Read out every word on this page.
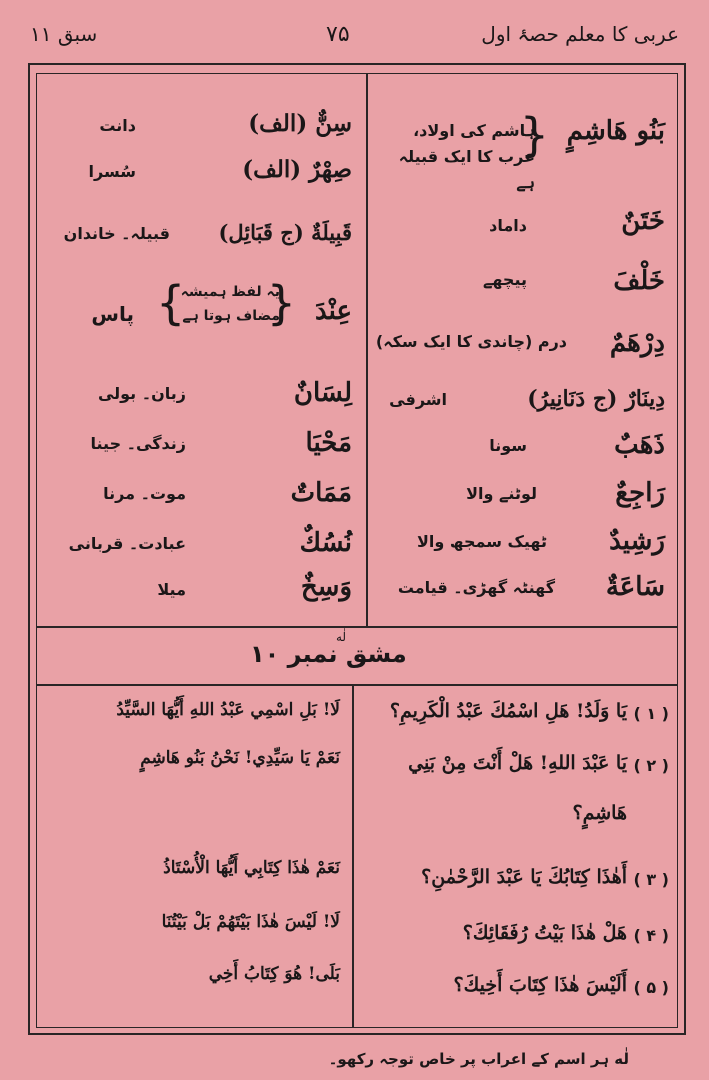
عربی کا معلم حصۂ اول
۷۵
سبق ۱۱
بَنُو هَاشِمٍ
}
ہاشم کی اولاد، عرب کا ایک قبیلہ ہے
خَتَنٌ
داماد
خَلْفَ
پیچھے
دِرْهَمٌ
درم (چاندی کا ایک سکہ)
دِينَارٌ (ج دَنَانِيرُ)
اشرفی
ذَهَبٌ
سونا
رَاجِعٌ
لوٹنے والا
رَشِيدٌ
ٹھیک سمجھ والا
سَاعَةٌ
گھنٹہ گھڑی۔ قیامت
سِنٌّ (الف)
دانت
صِهْرٌ (الف)
سُسرا
قَبِيلَةٌ (ج قَبَائِل)
قبیلہ۔ خاندان
عِنْدَ
}
یہ لفظ ہمیشہ مضاف ہوتا ہے
{
پاس
لِسَانٌ
زبان۔ بولی
مَحْيَا
زندگی۔ جینا
مَمَاتٌ
موت۔ مرنا
نُسُكٌ
عبادت۔ قربانی
وَسِخٌ
میلا
مشق نمبر ۱۰
لٰه
( ۱ )
يَا وَلَدُ! هَلِ اسْمُكَ عَبْدُ الْكَرِيمِ؟
( ۲ )
يَا عَبْدَ اللهِ! هَلْ أَنْتَ مِنْ بَنِي
هَاشِمٍ؟
( ۳ )
أَهٰذَا كِتَابُكَ يَا عَبْدَ الرَّحْمٰنِ؟
( ۴ )
هَلْ هٰذَا بَيْتُ رُفَقَائِكَ؟
( ۵ )
أَلَيْسَ هٰذَا كِتَابَ أَخِيكَ؟
لَا! بَلِ اسْمِي عَبْدُ اللهِ أَيُّهَا السَّيِّدُ
نَعَمْ يَا سَيِّدِي! نَحْنُ بَنُو هَاشِمٍ
نَعَمْ هٰذَا كِتَابِي أَيُّهَا الْأُسْتَاذُ
لَا! لَيْسَ هٰذَا بَيْتَهُمْ بَلْ بَيْتُنَا
بَلَى! هُوَ كِتَابُ أَخِي
لٰه ہر اسم کے اعراب پر خاص توجہ رکھو۔
